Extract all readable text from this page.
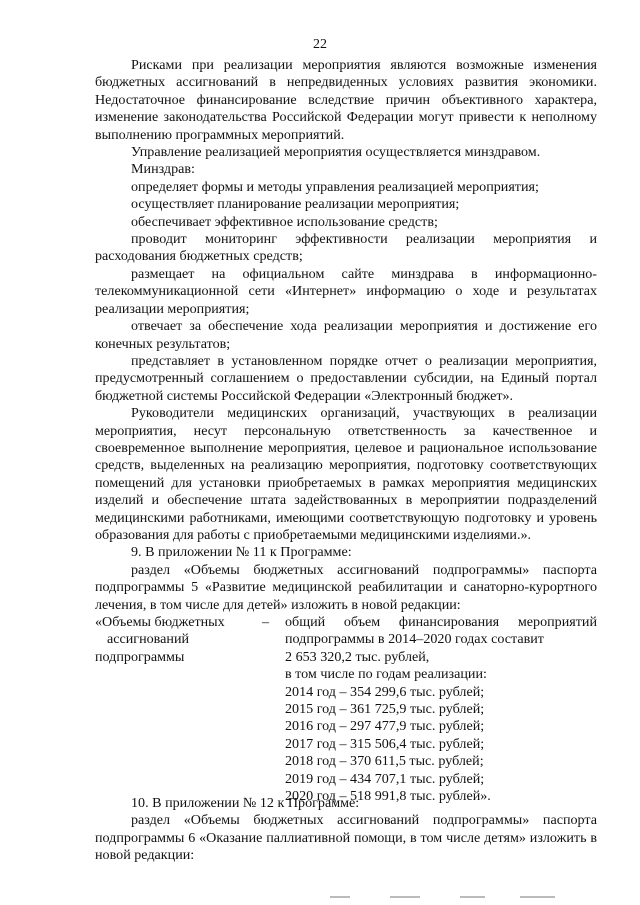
22

Рисками при реализации мероприятия являются возможные изменения бюджетных ассигнований в непредвиденных условиях развития экономики. Недостаточное финансирование вследствие причин объективного характера, изменение законодательства Российской Федерации могут привести к неполному выполнению программных мероприятий.

Управление реализацией мероприятия осуществляется минздравом.

Минздрав:

определяет формы и методы управления реализацией мероприятия;

осуществляет планирование реализации мероприятия;

обеспечивает эффективное использование средств;

проводит мониторинг эффективности реализации мероприятия и расходования бюджетных средств;

размещает на официальном сайте минздрава в информационно-телекоммуникационной сети «Интернет» информацию о ходе и результатах реализации мероприятия;

отвечает за обеспечение хода реализации мероприятия и достижение его конечных результатов;

представляет в установленном порядке отчет о реализации мероприятия, предусмотренный соглашением о предоставлении субсидии, на Единый портал бюджетной системы Российской Федерации «Электронный бюджет».

Руководители медицинских организаций, участвующих в реализации мероприятия, несут персональную ответственность за качественное и своевременное выполнение мероприятия, целевое и рациональное использование средств, выделенных на реализацию мероприятия, подготовку соответствующих помещений для установки приобретаемых в рамках мероприятия медицинских изделий и обеспечение штата задействованных в мероприятии подразделений медицинскими работниками, имеющими соответствующую подготовку и уровень образования для работы с приобретаемыми медицинскими изделиями.».

9. В приложении № 11 к Программе:

раздел «Объемы бюджетных ассигнований подпрограммы» паспорта подпрограммы 5 «Развитие медицинской реабилитации и санаторно-курортного лечения, в том числе для детей» изложить в новой редакции:

«Объемы бюджетных
ассигнований
подпрограммы
– общий объем финансирования мероприятий подпрограммы в 2014–2020 годах составит

2 653 320,2 тыс. рублей,

в том числе по годам реализации:

2014 год – 354 299,6 тыс. рублей;

2015 год – 361 725,9 тыс. рублей;

2016 год – 297 477,9 тыс. рублей;

2017 год – 315 506,4 тыс. рублей;

2018 год – 370 611,5 тыс. рублей;

2019 год – 434 707,1 тыс. рублей;

2020 год – 518 991,8 тыс. рублей».

10. В приложении № 12 к Программе:

раздел «Объемы бюджетных ассигнований подпрограммы» паспорта подпрограммы 6 «Оказание паллиативной помощи, в том числе детям» изложить в новой редакции:
